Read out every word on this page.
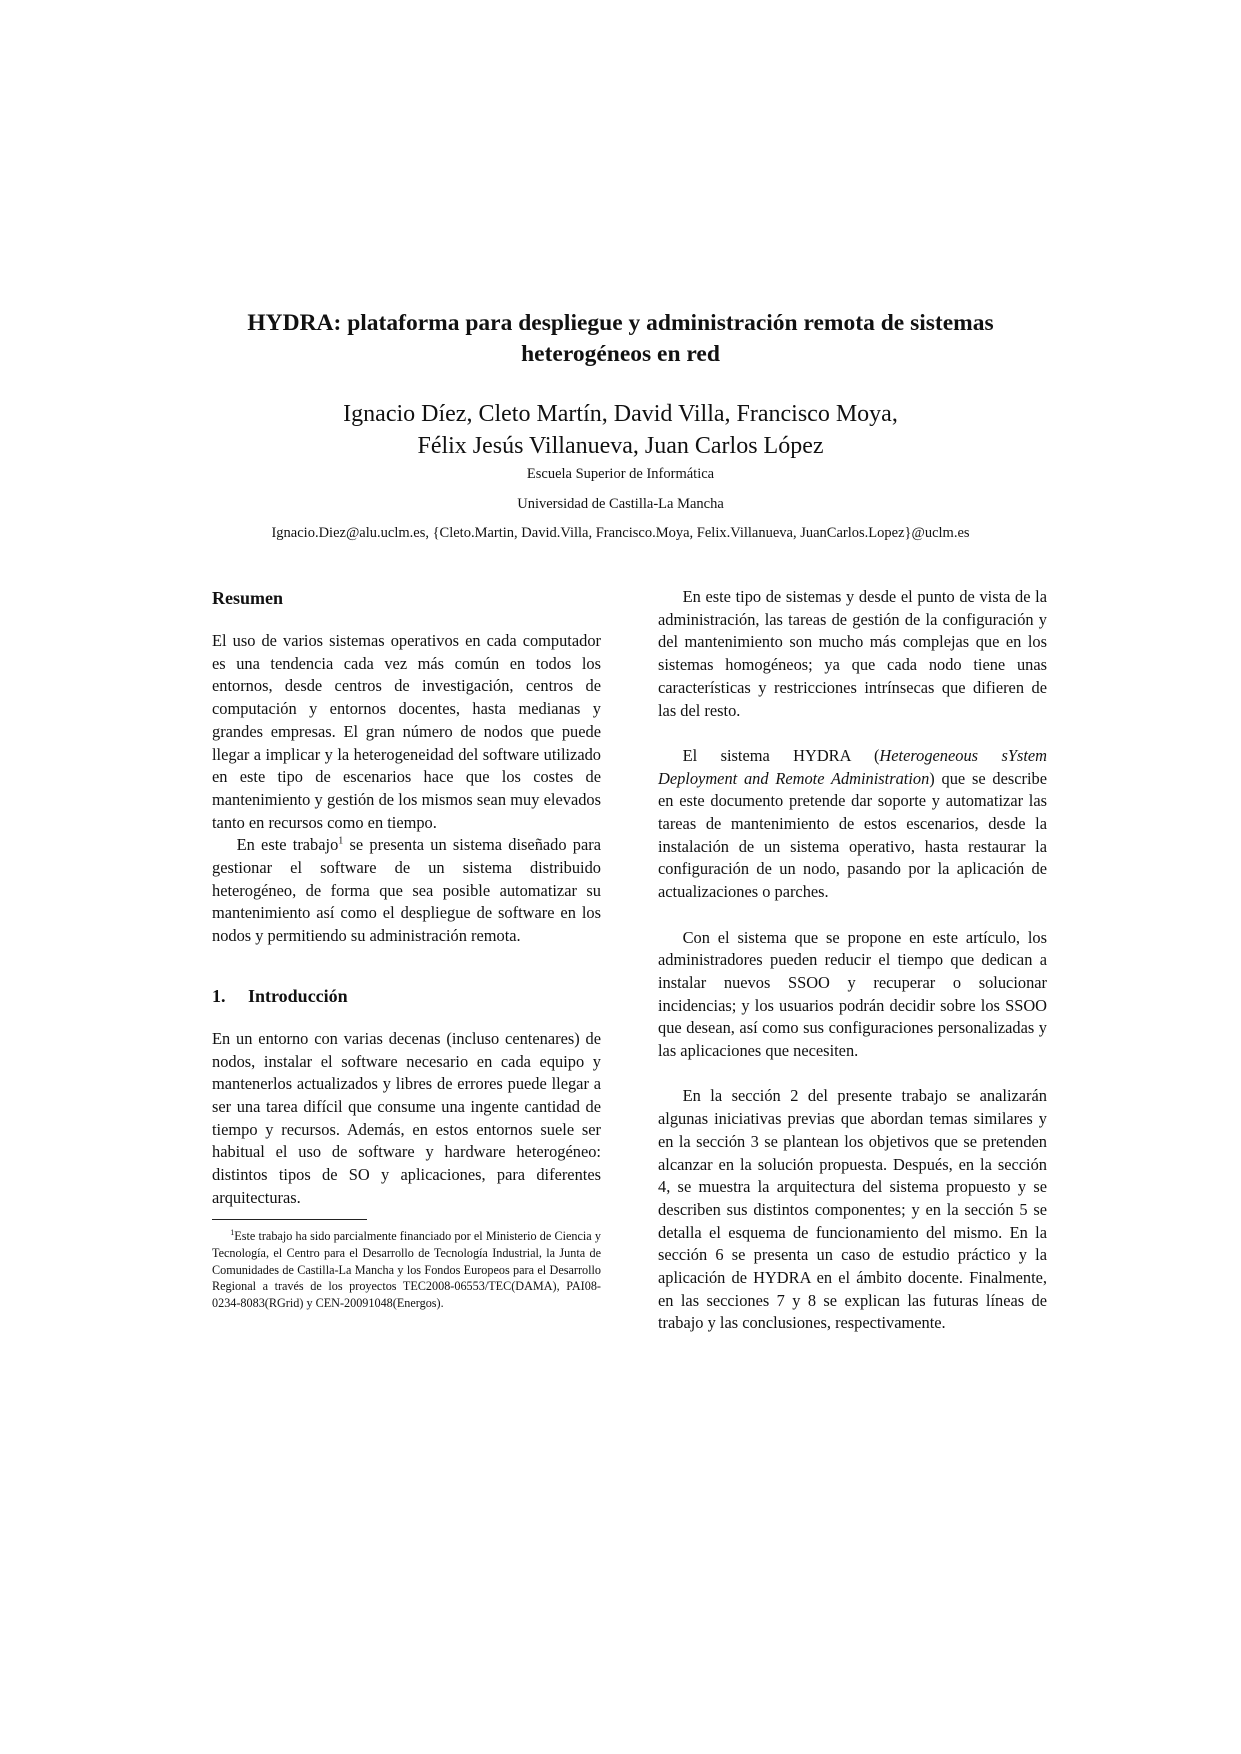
HYDRA: plataforma para despliegue y administración remota de sistemas
heterogéneos en red
Ignacio Díez, Cleto Martín, David Villa, Francisco Moya,
Félix Jesús Villanueva, Juan Carlos López
Escuela Superior de Informática
Universidad de Castilla-La Mancha
Ignacio.Diez@alu.uclm.es, {Cleto.Martin, David.Villa, Francisco.Moya, Felix.Villanueva, JuanCarlos.Lopez}@uclm.es
Resumen

El uso de varios sistemas operativos en cada computador es una tendencia cada vez más común en todos los entornos, desde centros de investigación, centros de computación y entornos docentes, hasta medianas y grandes empresas. El gran número de nodos que puede llegar a implicar y la heterogeneidad del software utilizado en este tipo de escenarios hace que los costes de mantenimiento y gestión de los mismos sean muy elevados tanto en recursos como en tiempo.

En este trabajo$^1$ se presenta un sistema diseñado para gestionar el software de un sistema distribuido heterogéneo, de forma que sea posible automatizar su mantenimiento así como el despliegue de software en los nodos y permitiendo su administración remota.

1. Introducción

En un entorno con varias decenas (incluso centenares) de nodos, instalar el software necesario en cada equipo y mantenerlos actualizados y libres de errores puede llegar a ser una tarea difícil que consume una ingente cantidad de tiempo y recursos. Además, en estos entornos suele ser habitual el uso de software y hardware heterogéneo: distintos tipos de SO y aplicaciones, para diferentes arquitecturas.

$^1$Este trabajo ha sido parcialmente financiado por el Ministerio de Ciencia y Tecnología, el Centro para el Desarrollo de Tecnología Industrial, la Junta de Comunidades de Castilla-La Mancha y los Fondos Europeos para el Desarrollo Regional a través de los proyectos TEC2008-06553/TEC(DAMA), PAI08-0234-8083(RGrid) y CEN-20091048(Energos).

En este tipo de sistemas y desde el punto de vista de la administración, las tareas de gestión de la configuración y del mantenimiento son mucho más complejas que en los sistemas homogéneos; ya que cada nodo tiene unas características y restricciones intrínsecas que difieren de las del resto.

El sistema HYDRA (Heterogeneous sYstem Deployment and Remote Administration) que se describe en este documento pretende dar soporte y automatizar las tareas de mantenimiento de estos escenarios, desde la instalación de un sistema operativo, hasta restaurar la configuración de un nodo, pasando por la aplicación de actualizaciones o parches.

Con el sistema que se propone en este artículo, los administradores pueden reducir el tiempo que dedican a instalar nuevos SSOO y recuperar o solucionar incidencias; y los usuarios podrán decidir sobre los SSOO que desean, así como sus configuraciones personalizadas y las aplicaciones que necesiten.

En la sección 2 del presente trabajo se analizarán algunas iniciativas previas que abordan temas similares y en la sección 3 se plantean los objetivos que se pretenden alcanzar en la solución propuesta. Después, en la sección 4, se muestra la arquitectura del sistema propuesto y se describen sus distintos componentes; y en la sección 5 se detalla el esquema de funcionamiento del mismo. En la sección 6 se presenta un caso de estudio práctico y la aplicación de HYDRA en el ámbito docente. Finalmente, en las secciones 7 y 8 se explican las futuras líneas de trabajo y las conclusiones, respectivamente.
